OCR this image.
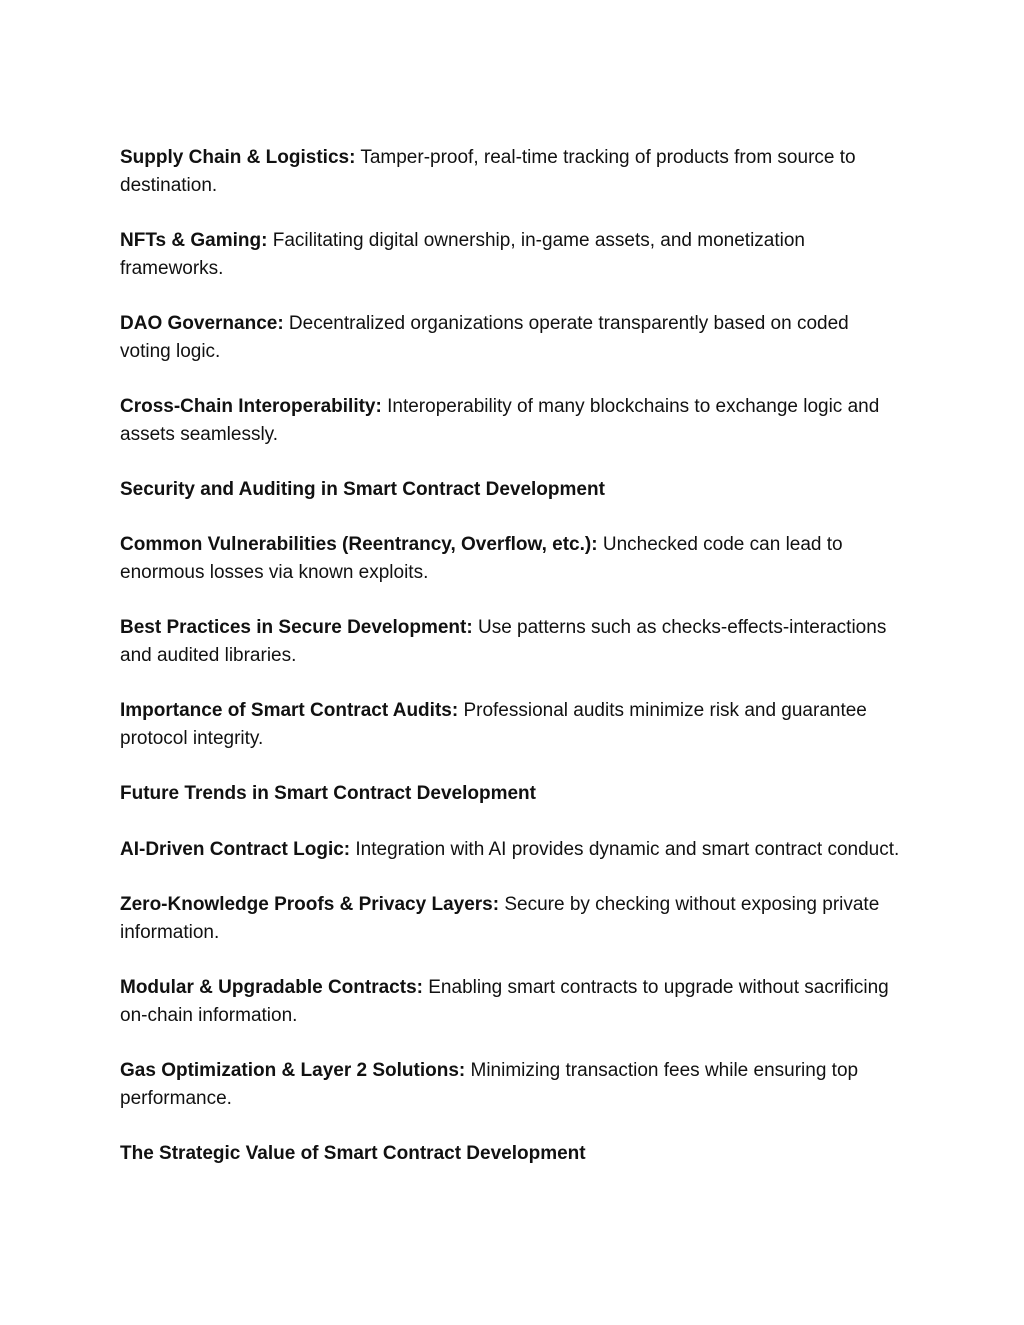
Supply Chain & Logistics: Tamper-proof, real-time tracking of products from source to destination.

NFTs & Gaming: Facilitating digital ownership, in-game assets, and monetization frameworks.

DAO Governance: Decentralized organizations operate transparently based on coded voting logic.

Cross-Chain Interoperability: Interoperability of many blockchains to exchange logic and assets seamlessly.

Security and Auditing in Smart Contract Development

Common Vulnerabilities (Reentrancy, Overflow, etc.): Unchecked code can lead to enormous losses via known exploits.

Best Practices in Secure Development: Use patterns such as checks-effects-interactions and audited libraries.

Importance of Smart Contract Audits: Professional audits minimize risk and guarantee protocol integrity.

Future Trends in Smart Contract Development

AI-Driven Contract Logic: Integration with AI provides dynamic and smart contract conduct.

Zero-Knowledge Proofs & Privacy Layers: Secure by checking without exposing private information.

Modular & Upgradable Contracts: Enabling smart contracts to upgrade without sacrificing on-chain information.

Gas Optimization & Layer 2 Solutions: Minimizing transaction fees while ensuring top performance.

The Strategic Value of Smart Contract Development
